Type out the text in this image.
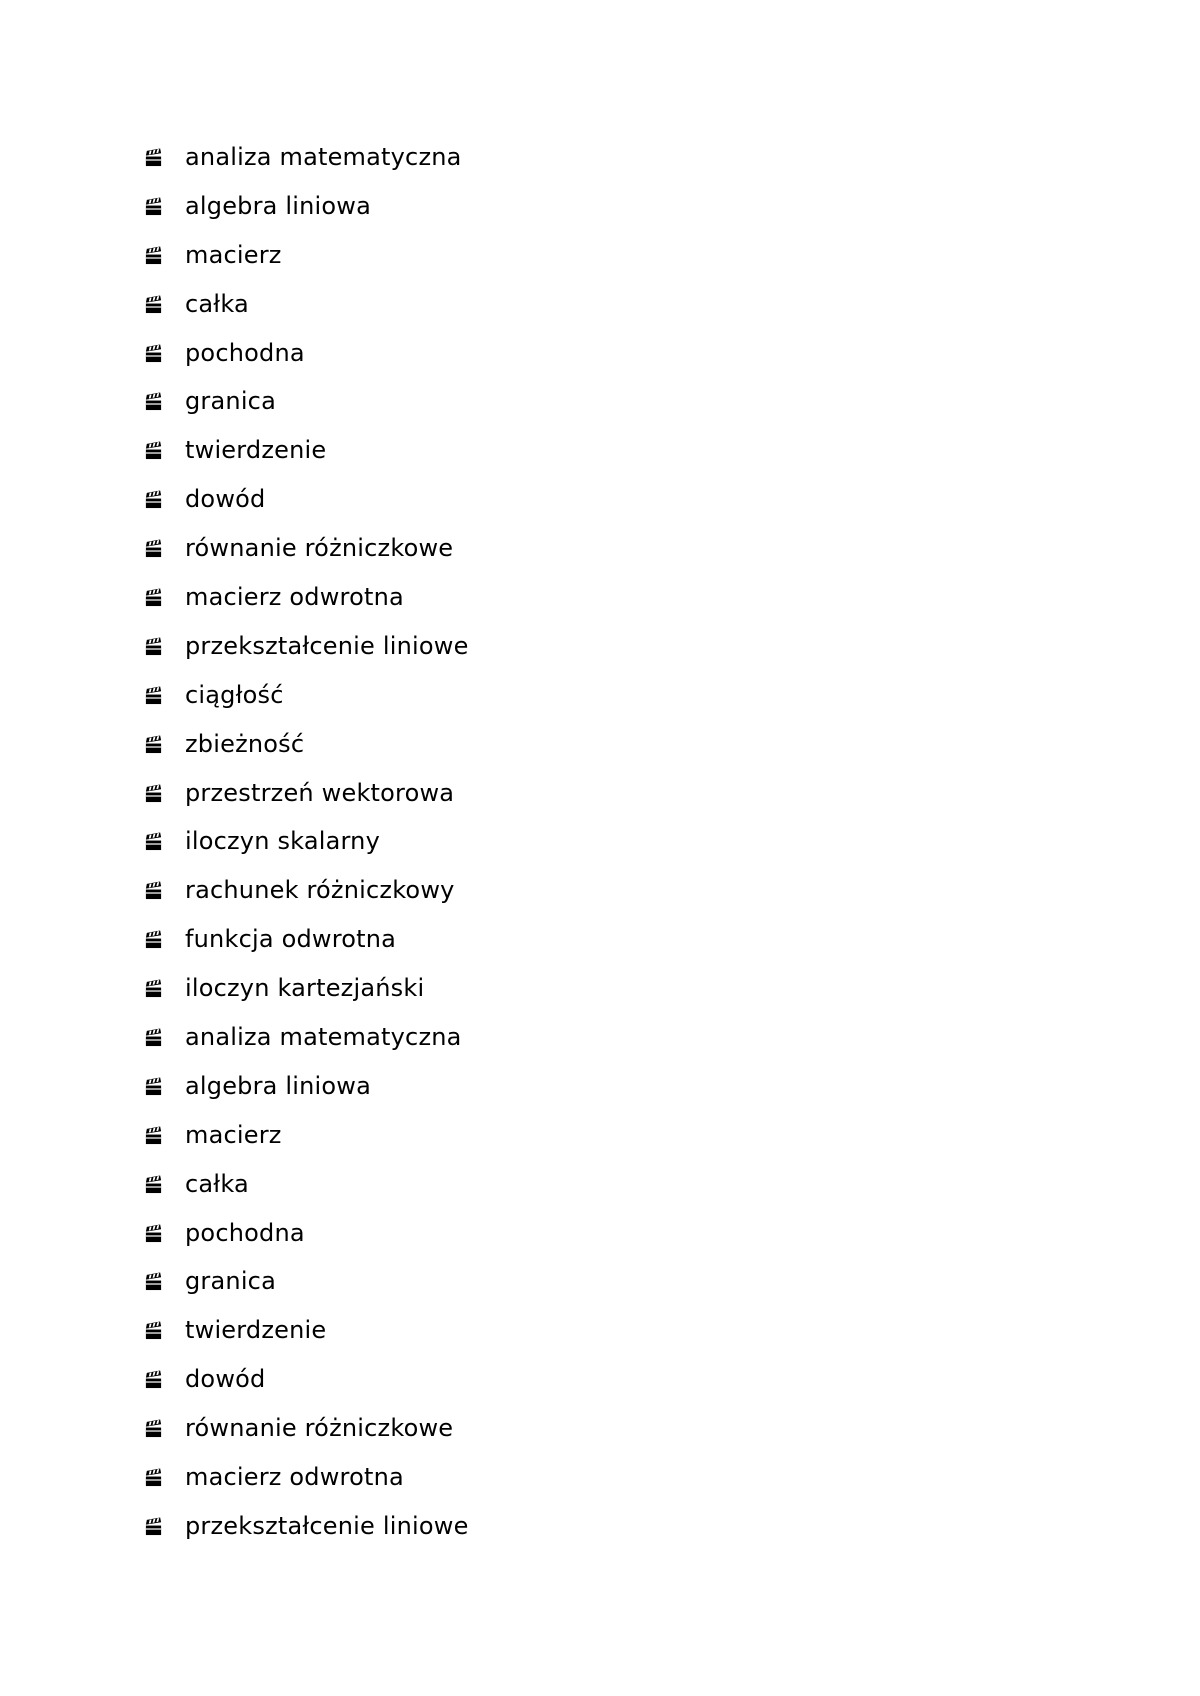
analiza matematyczna
algebra liniowa
macierz
całka
pochodna
granica
twierdzenie
dowód
równanie różniczkowe
macierz odwrotna
przekształcenie liniowe
ciągłość
zbieżność
przestrzeń wektorowa
iloczyn skalarny
rachunek różniczkowy
funkcja odwrotna
iloczyn kartezjański
analiza matematyczna
algebra liniowa
macierz
całka
pochodna
granica
twierdzenie
dowód
równanie różniczkowe
macierz odwrotna
przekształcenie liniowe
